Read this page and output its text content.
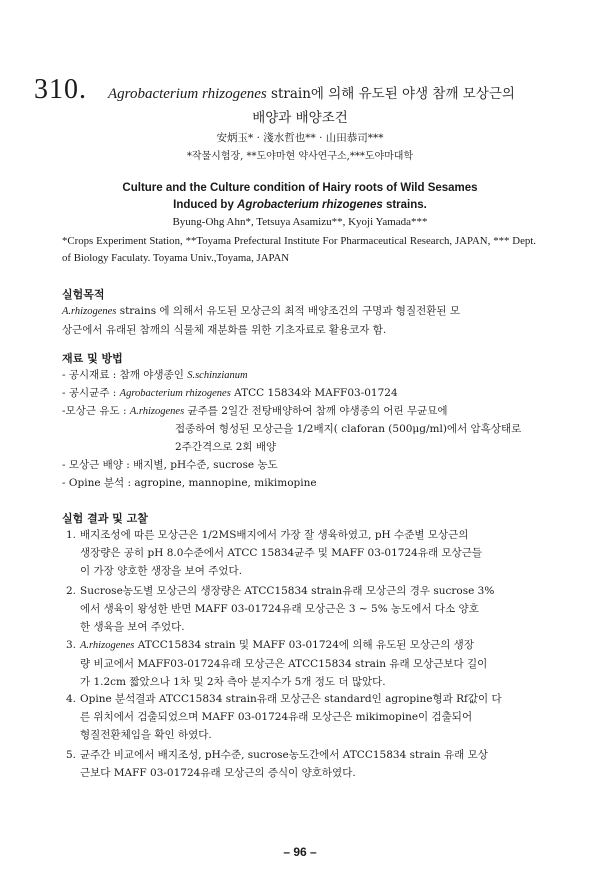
310. Agrobacterium rhizogenes strain에 의해 유도된 야생 참깨 모상근의
배양과 배양조건
安炳玉* · 淺水哲也** · 山田恭司***
*작물시험장, **도야마현 약사연구소,***도야마대학
Culture and the Culture condition of Hairy roots of Wild Sesames
Induced by Agrobacterium rhizogenes strains.
Byung-Ohg Ahn*, Tetsuya Asamizu**, Kyoji Yamada***
*Crops Experiment Station, **Toyama Prefectural Institute For Pharmaceutical Research, JAPAN, *** Dept. of Biology Faculaty. Toyama Univ.,Toyama, JAPAN
실험목적
A.rhizogenes strains 에 의해서 유도된 모상근의 최적 배양조건의 구명과 형질전환된 모
상근에서 유래된 참깨의 식물체 재분화를 위한 기초자료로 활용코자 함.
재료 및 방법
- 공시재료 : 참깨 야생종인 S.schinzianum
- 공시균주 : Agrobacterium rhizogenes ATCC 15834와 MAFF03-01724
-모상근 유도 : A.rhizogenes 균주를 2일간 전탕배양하여 참깨 야생종의 어린 무균묘에
접종하여 형성된 모상근을 1/2배지( claforan (500μg/ml)에서 암흑상태로
2주간격으로 2회 배양
- 모상근 배양 : 배지별, pH수준, sucrose 농도
- Opine 분석 : agropine, mannopine, mikimopine
실험 결과 및 고찰
1. 배지조성에 따른 모상근은 1/2MS배지에서 가장 잘 생육하였고, pH 수준별 모상근의
생장량은 공히 pH 8.0수준에서 ATCC 15834균주 및 MAFF 03-01724유래 모상근들
이 가장 양호한 생장을 보여 주었다.
2. Sucrose농도별 모상근의 생장량은 ATCC15834 strain유래 모상근의 경우 sucrose 3%
에서 생육이 왕성한 반면 MAFF 03-01724유래 모상근은 3 ∼ 5% 농도에서 다소 양호
한 생육을 보여 주었다.
3. A.rhizogenes ATCC15834 strain 및 MAFF 03-01724에 의해 유도된 모상근의 생장
량 비교에서 MAFF03-01724유래 모상근은 ATCC15834 strain 유래 모상근보다 길이
가 1.2cm 짧았으나 1차 및 2차 측아 분지수가 5개 정도 더 많았다.
4. Opine 분석결과 ATCC15834 strain유래 모상근은 standard인 agropine형과 Rf값이 다
른 위치에서 검출되었으며 MAFF 03-01724유래 모상근은 mikimopine이 검출되어
형질전환체임을 확인 하였다.
5. 균주간 비교에서 배지조성, pH수준, sucrose농도간에서 ATCC15834 strain 유래 모상
근보다 MAFF 03-01724유래 모상근의 증식이 양호하였다.
– 96 –
